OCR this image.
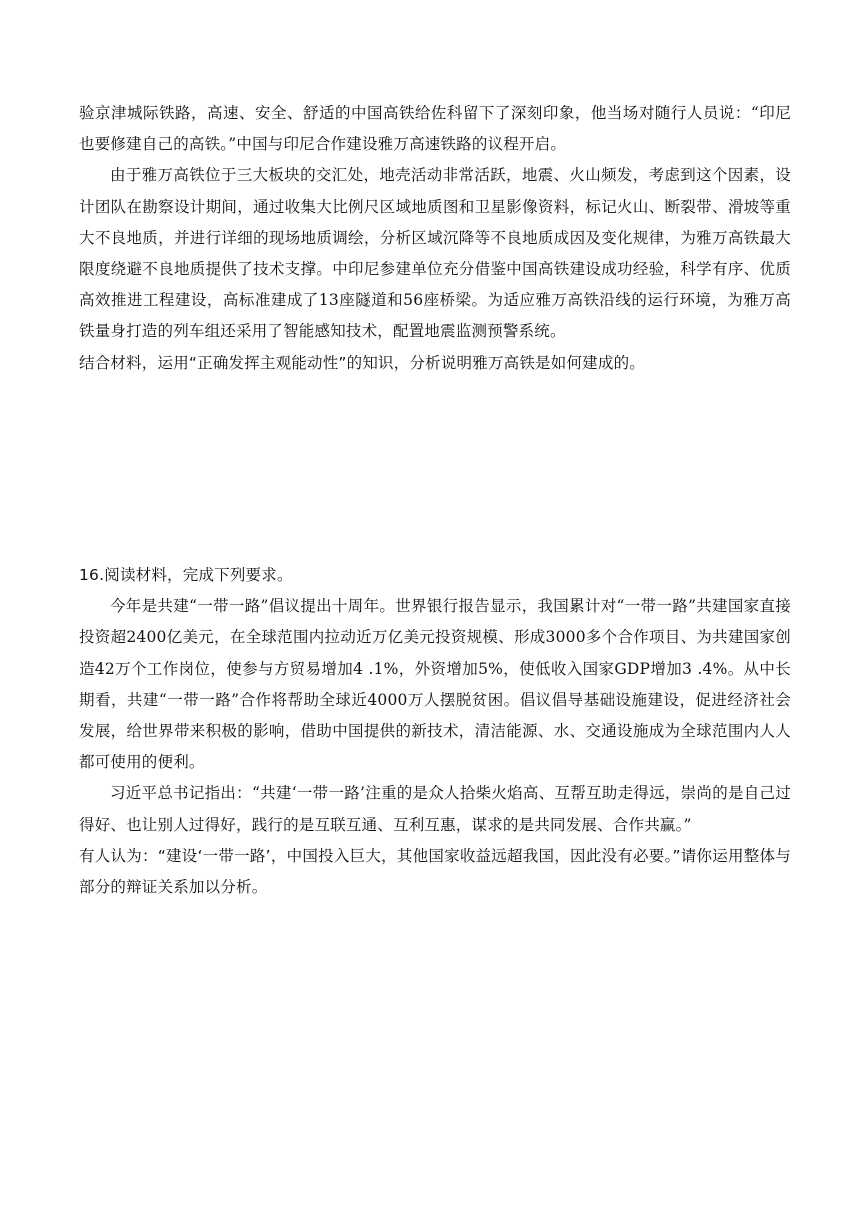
验京津城际铁路，高速、安全、舒适的中国高铁给佐科留下了深刻印象，他当场对随行人员说：“印尼也要修建自己的高铁。”中国与印尼合作建设雅万高速铁路的议程开启。

由于雅万高铁位于三大板块的交汇处，地壳活动非常活跃，地震、火山频发，考虑到这个因素，设计团队在勘察设计期间，通过收集大比例尺区域地质图和卫星影像资料，标记火山、断裂带、滑坡等重大不良地质，并进行详细的现场地质调绘，分析区域沉降等不良地质成因及变化规律，为雅万高铁最大限度绕避不良地质提供了技术支撑。中印尼参建单位充分借鉴中国高铁建设成功经验，科学有序、优质高效推进工程建设，高标准建成了13座隧道和56座桥梁。为适应雅万高铁沿线的运行环境，为雅万高铁量身打造的列车组还采用了智能感知技术，配置地震监测预警系统。

结合材料，运用“正确发挥主观能动性”的知识，分析说明雅万高铁是如何建成的。

16.阅读材料，完成下列要求。

今年是共建“一带一路”倡议提出十周年。世界银行报告显示，我国累计对“一带一路”共建国家直接投资超2400亿美元，在全球范围内拉动近万亿美元投资规模、形成3000多个合作项目、为共建国家创造42万个工作岗位，使参与方贸易增加4 .1%，外资增加5%，使低收入国家GDP增加3 .4%。从中长期看，共建“一带一路”合作将帮助全球近4000万人摆脱贫困。倡议倡导基础设施建设，促进经济社会发展，给世界带来积极的影响，借助中国提供的新技术，清洁能源、水、交通设施成为全球范围内人人都可使用的便利。

习近平总书记指出：“共建‘一带一路’注重的是众人拾柴火焰高、互帮互助走得远，崇尚的是自己过得好、也让别人过得好，践行的是互联互通、互利互惠，谋求的是共同发展、合作共赢。”

有人认为：“建设‘一带一路’，中国投入巨大，其他国家收益远超我国，因此没有必要。”请你运用整体与部分的辩证关系加以分析。
